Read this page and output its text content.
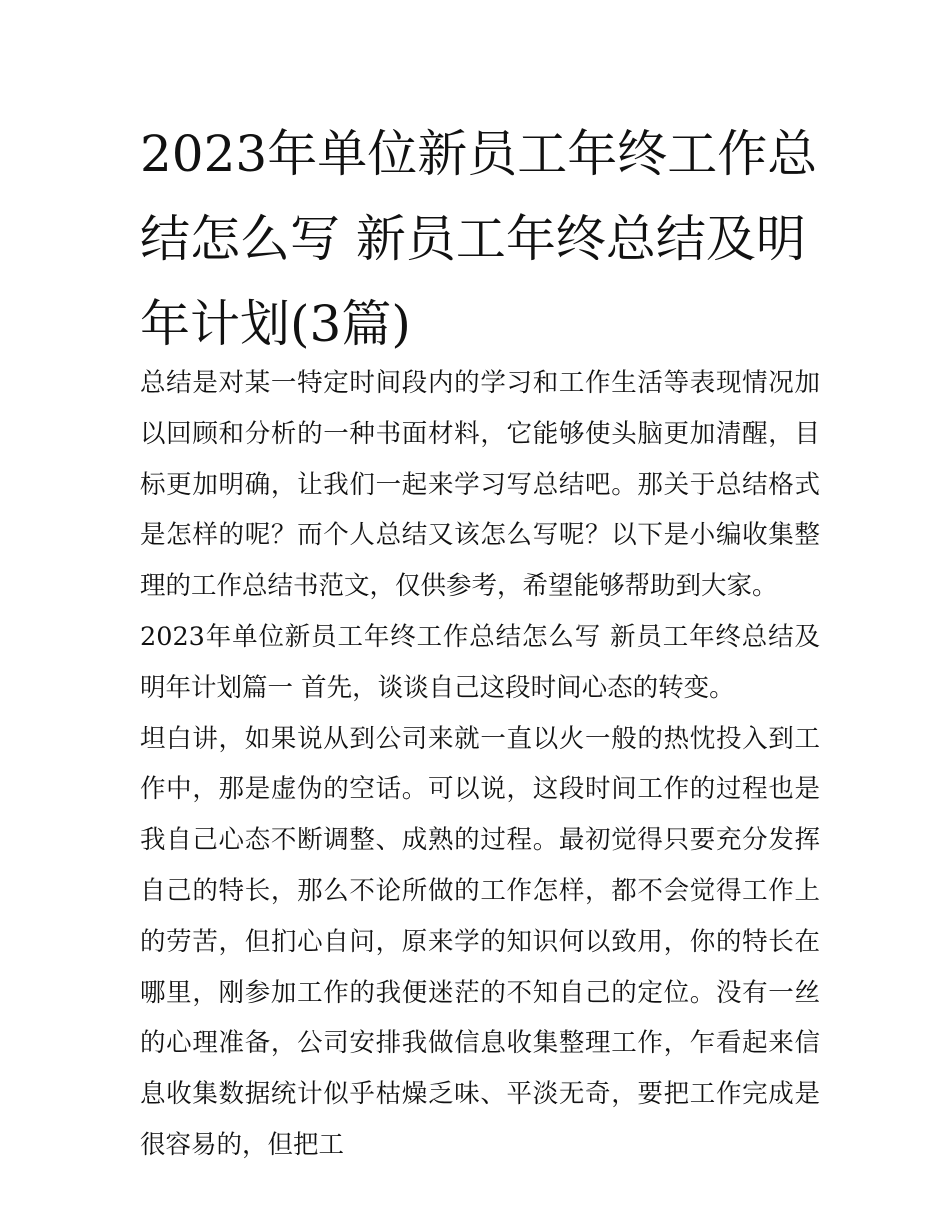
2023年单位新员工年终工作总结怎么写 新员工年终总结及明年计划(3篇)

总结是对某一特定时间段内的学习和工作生活等表现情况加以回顾和分析的一种书面材料，它能够使头脑更加清醒，目标更加明确，让我们一起来学习写总结吧。那关于总结格式是怎样的呢？而个人总结又该怎么写呢？以下是小编收集整理的工作总结书范文，仅供参考，希望能够帮助到大家。

2023年单位新员工年终工作总结怎么写 新员工年终总结及明年计划篇一 首先，谈谈自己这段时间心态的转变。

坦白讲，如果说从到公司来就一直以火一般的热忱投入到工作中，那是虚伪的空话。可以说，这段时间工作的过程也是我自己心态不断调整、成熟的过程。最初觉得只要充分发挥自己的特长，那么不论所做的工作怎样，都不会觉得工作上的劳苦，但扪心自问，原来学的知识何以致用，你的特长在哪里，刚参加工作的我便迷茫的不知自己的定位。没有一丝的心理准备，公司安排我做信息收集整理工作，乍看起来信息收集数据统计似乎枯燥乏味、平淡无奇，要把工作完成是很容易的，但把工
